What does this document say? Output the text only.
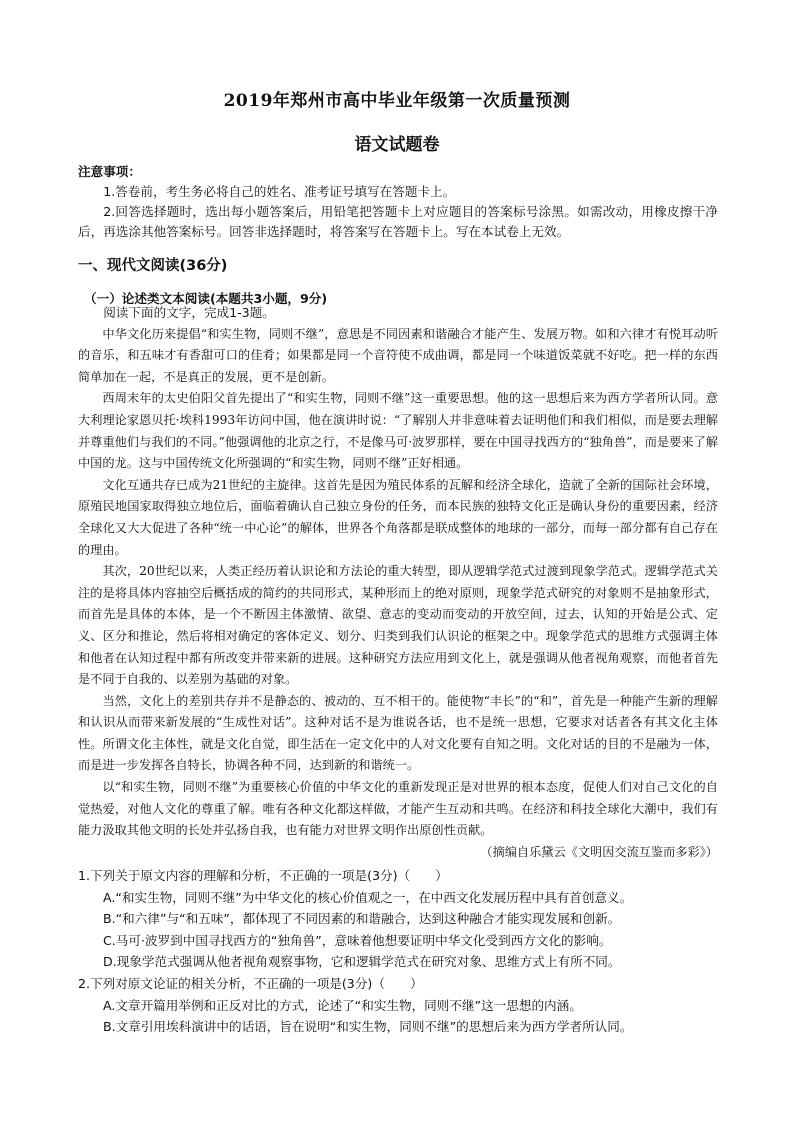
2019年郑州市高中毕业年级第一次质量预测
语文试题卷

注意事项：

1.答卷前，考生务必将自己的姓名、准考证号填写在答题卡上。

2.回答选择题时，选出每小题答案后，用铅笔把答题卡上对应题目的答案标号涂黑。如需改动，用橡皮擦干净后，再选涂其他答案标号。回答非选择题时，将答案写在答题卡上。写在本试卷上无效。

一、现代文阅读(36分)
（一）论述类文本阅读(本题共3小题，9分)

阅读下面的文字，完成1-3题。

中华文化历来提倡“和实生物，同则不继”，意思是不同因素和谐融合才能产生、发展万物。如和六律才有悦耳动听的音乐，和五味才有香甜可口的佳肴；如果都是同一个音符使不成曲调，都是同一个味道饭菜就不好吃。把一样的东西简单加在一起，不是真正的发展，更不是创新。

西周末年的太史伯阳父首先提出了“和实生物，同则不继”这一重要思想。他的这一思想后来为西方学者所认同。意大利理论家恩贝托·埃科1993年访问中国，他在演讲时说：“了解别人并非意味着去证明他们和我们相似，而是要去理解并尊重他们与我们的不同。”他强调他的北京之行，不是像马可·波罗那样，要在中国寻找西方的“独角兽”，而是要来了解中国的龙。这与中国传统文化所强调的“和实生物，同则不继”正好相通。

文化互通共存已成为21世纪的主旋律。这首先是因为殖民体系的瓦解和经济全球化，造就了全新的国际社会环境，原殖民地国家取得独立地位后，面临着确认自己独立身份的任务，而本民族的独特文化正是确认身份的重要因素，经济全球化又大大促进了各种“统一中心论”的解体，世界各个角落都是联成整体的地球的一部分，而每一部分都有自己存在的理由。

其次，20世纪以来，人类正经历着认识论和方法论的重大转型，即从逻辑学范式过渡到现象学范式。逻辑学范式关注的是将具体内容抽空后概括成的简约的共同形式，某种形而上的绝对原则，现象学范式研究的对象则不是抽象形式，而首先是具体的本体，是一个不断因主体激情、欲望、意志的变动而变动的开放空间，过去，认知的开始是公式、定义、区分和推论，然后将相对确定的客体定义、划分、归类到我们认识论的框架之中。现象学范式的思维方式强调主体和他者在认知过程中都有所改变并带来新的进展。这种研究方法应用到文化上，就是强调从他者视角观察，而他者首先是不同于自我的、以差别为基础的对象。

当然，文化上的差别共存并不是静态的、被动的、互不相干的。能使物“丰长”的“和”，首先是一种能产生新的理解和认识从而带来新发展的“生成性对话”。这种对话不是为谁说各话，也不是统一思想，它要求对话者各有其文化主体性。所谓文化主体性，就是文化自觉，即生活在一定文化中的人对文化要有自知之明。文化对话的目的不是融为一体，而是进一步发挥各自特长，协调各种不同，达到新的和谐统一。

以“和实生物，同则不继”为重要核心价值的中华文化的重新发现正是对世界的根本态度，促使人们对自己文化的自觉热爱，对他人文化的尊重了解。唯有各种文化都这样做，才能产生互动和共鸣。在经济和科技全球化大潮中，我们有能力汲取其他文明的长处并弘扬自我，也有能力对世界文明作出原创性贡献。

（摘编自乐黛云《文明因交流互鉴而多彩》）

1.下列关于原文内容的理解和分析，不正确的一项是(3分)（　　）

A.“和实生物，同则不继”为中华文化的核心价值观之一，在中西文化发展历程中具有首创意义。

B.“和六律”与“和五味”，都体现了不同因素的和谐融合，达到这种融合才能实现发展和创新。

C.马可·波罗到中国寻找西方的“独角兽”，意味着他想要证明中华文化受到西方文化的影响。

D.现象学范式强调从他者视角观察事物，它和逻辑学范式在研究对象、思维方式上有所不同。

2.下列对原文论证的相关分析，不正确的一项是(3分)（　　）

A.文章开篇用举例和正反对比的方式，论述了“和实生物，同则不继”这一思想的内涵。

B.文章引用埃科演讲中的话语，旨在说明“和实生物，同则不继”的思想后来为西方学者所认同。
